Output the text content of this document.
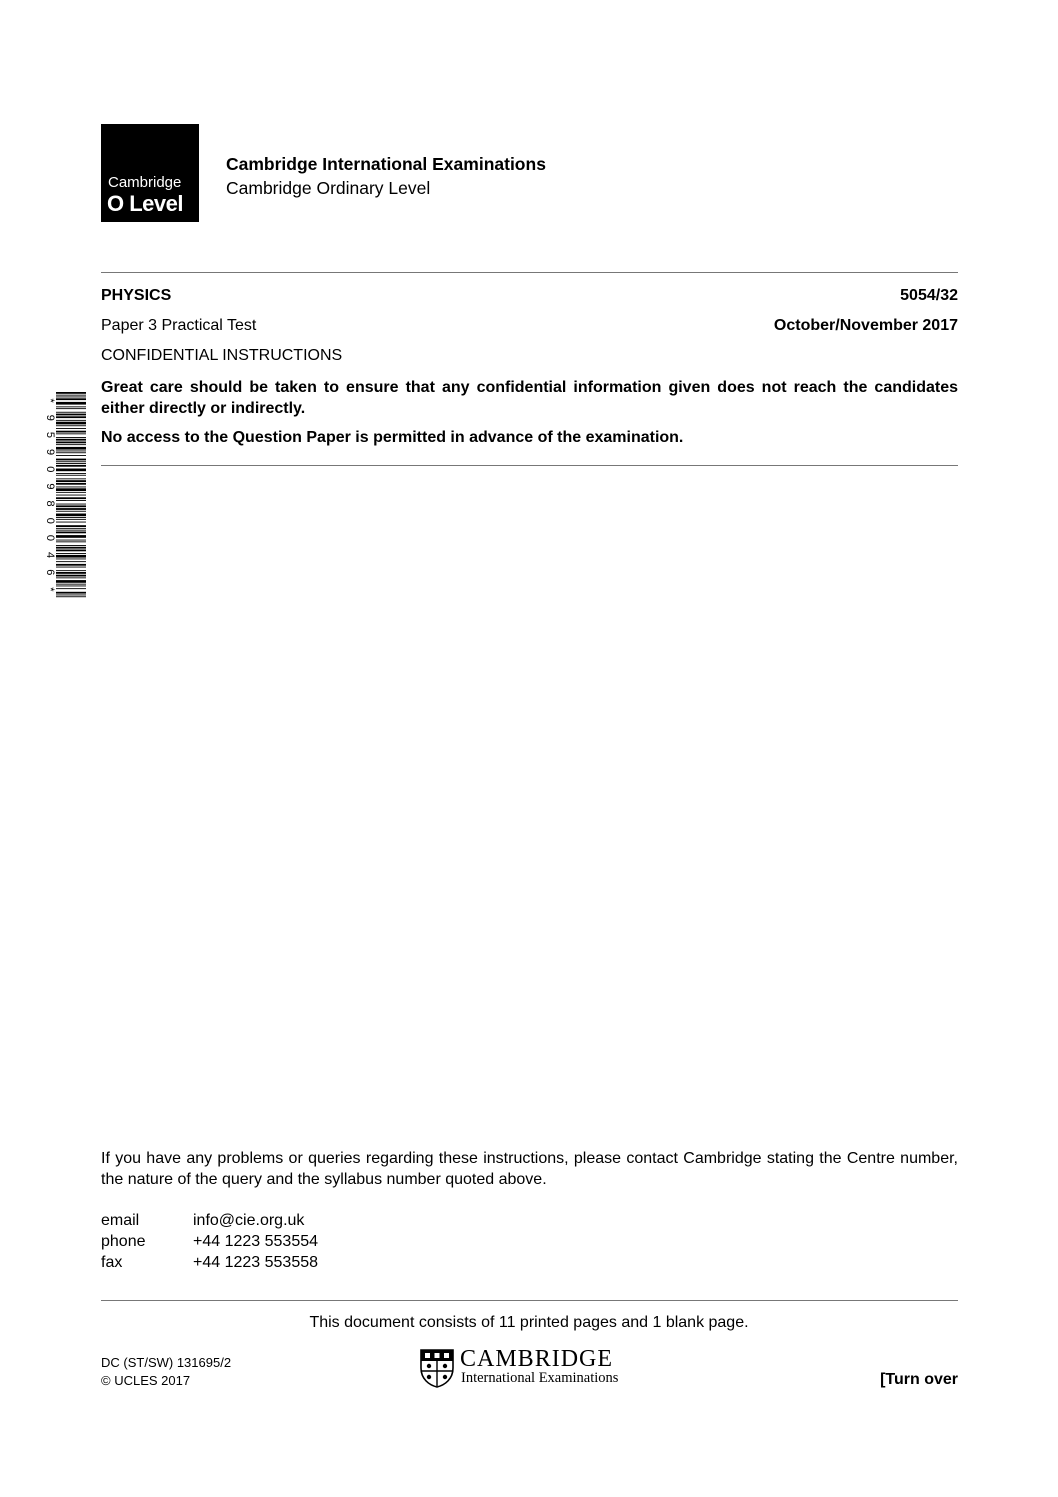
Cambridge
O Level
Cambridge International Examinations
Cambridge Ordinary Level
PHYSICS	5054/32
Paper 3 Practical Test	October/November 2017
CONFIDENTIAL INSTRUCTIONS
Great care should be taken to ensure that any confidential information given does not reach the candidates either directly or indirectly.
No access to the Question Paper is permitted in advance of the examination.
*
9
5
9
0
9
8
0
0
4
6
*
If you have any problems or queries regarding these instructions, please contact Cambridge stating the Centre number, the nature of the query and the syllabus number quoted above.
email	info@cie.org.uk
phone	+44 1223 553554
fax	+44 1223 553558
This document consists of 11 printed pages and 1 blank page.
DC (ST/SW) 131695/2
© UCLES 2017
CAMBRIDGE
International Examinations	[Turn over
